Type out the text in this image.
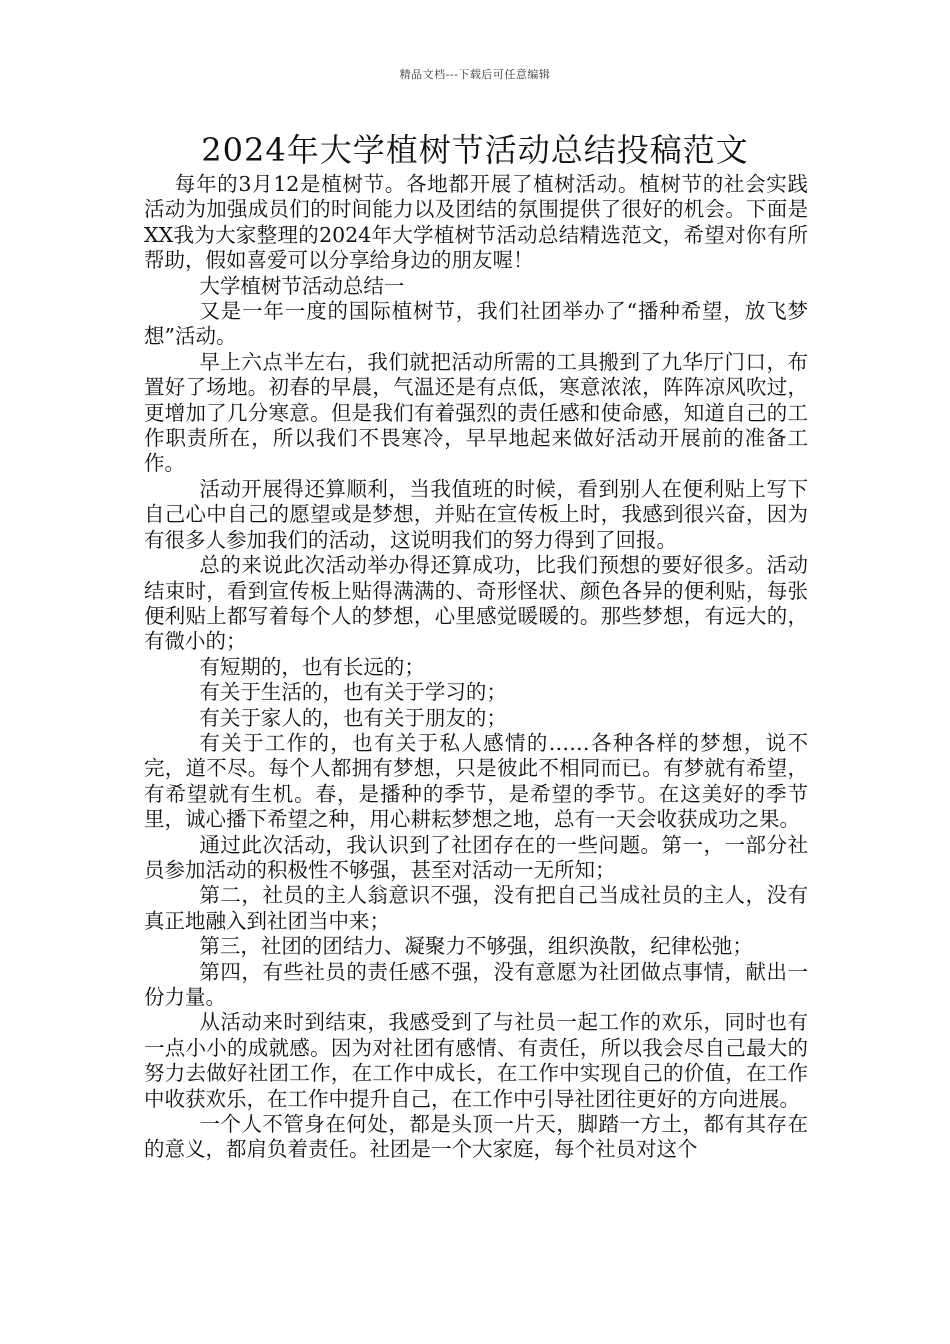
精品文档---下载后可任意编辑
2024年大学植树节活动总结投稿范文

每年的3月12是植树节。各地都开展了植树活动。植树节的社会实践活动为加强成员们的时间能力以及团结的氛围提供了很好的机会。下面是XX我为大家整理的2024年大学植树节活动总结精选范文，希望对你有所帮助，假如喜爱可以分享给身边的朋友喔！

大学植树节活动总结一

又是一年一度的国际植树节，我们社团举办了“播种希望，放飞梦想”活动。

早上六点半左右，我们就把活动所需的工具搬到了九华厅门口，布置好了场地。初春的早晨，气温还是有点低，寒意浓浓，阵阵凉风吹过，更增加了几分寒意。但是我们有着强烈的责任感和使命感，知道自己的工作职责所在，所以我们不畏寒冷，早早地起来做好活动开展前的准备工作。

活动开展得还算顺利，当我值班的时候，看到别人在便利贴上写下自己心中自己的愿望或是梦想，并贴在宣传板上时，我感到很兴奋，因为有很多人参加我们的活动，这说明我们的努力得到了回报。

总的来说此次活动举办得还算成功，比我们预想的要好很多。活动结束时，看到宣传板上贴得满满的、奇形怪状、颜色各异的便利贴，每张便利贴上都写着每个人的梦想，心里感觉暖暖的。那些梦想，有远大的，有微小的；

有短期的，也有长远的；

有关于生活的，也有关于学习的；

有关于家人的，也有关于朋友的；

有关于工作的，也有关于私人感情的……各种各样的梦想，说不完，道不尽。每个人都拥有梦想，只是彼此不相同而已。有梦就有希望，有希望就有生机。春，是播种的季节，是希望的季节。在这美好的季节里，诚心播下希望之种，用心耕耘梦想之地，总有一天会收获成功之果。

通过此次活动，我认识到了社团存在的一些问题。第一，一部分社员参加活动的积极性不够强，甚至对活动一无所知；

第二，社员的主人翁意识不强，没有把自己当成社员的主人，没有真正地融入到社团当中来；

第三，社团的团结力、凝聚力不够强，组织涣散，纪律松弛；

第四，有些社员的责任感不强，没有意愿为社团做点事情，献出一份力量。

从活动来时到结束，我感受到了与社员一起工作的欢乐，同时也有一点小小的成就感。因为对社团有感情、有责任，所以我会尽自己最大的努力去做好社团工作，在工作中成长，在工作中实现自己的价值，在工作中收获欢乐，在工作中提升自己，在工作中引导社团往更好的方向进展。

一个人不管身在何处，都是头顶一片天，脚踏一方土，都有其存在的意义，都肩负着责任。社团是一个大家庭，每个社员对这个
